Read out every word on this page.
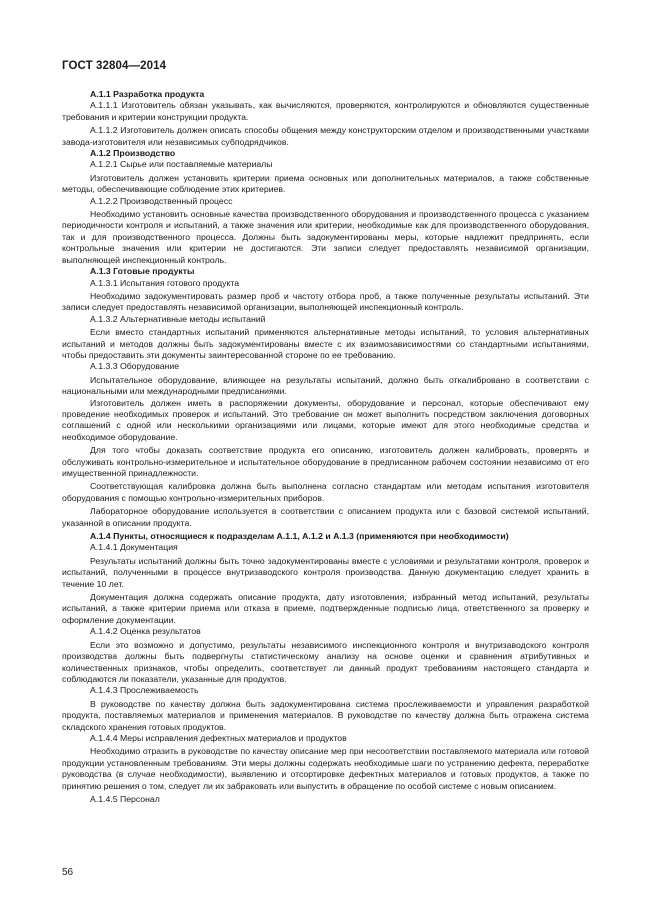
ГОСТ 32804—2014

А.1.1 Разработка продукта

А.1.1.1 Изготовитель обязан указывать, как вычисляются, проверяются, контролируются и обновляются существенные требования и критерии конструкции продукта.

А.1.1.2 Изготовитель должен описать способы общения между конструкторским отделом и производственными участками завода-изготовителя или независимых субподрядчиков.

А.1.2 Производство

А.1.2.1 Сырье или поставляемые материалы

Изготовитель должен установить критерии приема основных или дополнительных материалов, а также собственные методы, обеспечивающие соблюдение этих критериев.

А.1.2.2 Производственный процесс

Необходимо установить основные качества производственного оборудования и производственного процесса с указанием периодичности контроля и испытаний, а также значения или критерии, необходимые как для производственного оборудования, так и для производственного процесса. Должны быть задокументированы меры, которые надлежит предпринять, если контрольные значения или критерии не достигаются. Эти записи следует предоставлять независимой организации, выполняющей инспекционный контроль.

А.1.3 Готовые продукты

А.1.3.1 Испытания готового продукта

Необходимо задокументировать размер проб и частоту отбора проб, а также полученные результаты испытаний. Эти записи следует предоставлять независимой организации, выполняющей инспекционный контроль.

А.1.3.2 Альтернативные методы испытаний

Если вместо стандартных испытаний применяются альтернативные методы испытаний, то условия альтернативных испытаний и методов должны быть задокументированы вместе с их взаимозависимостями со стандартными испытаниями, чтобы предоставить эти документы заинтересованной стороне по ее требованию.

А.1.3.3 Оборудование

Испытательное оборудование, влияющее на результаты испытаний, должно быть откалибровано в соответствии с национальными или международными предписаниями.

Изготовитель должен иметь в распоряжении документы, оборудование и персонал, которые обеспечивают ему проведение необходимых проверок и испытаний. Это требование он может выполнить посредством заключения договорных соглашений с одной или несколькими организациями или лицами, которые имеют для этого необходимые средства и необходимое оборудование.

Для того чтобы доказать соответствие продукта его описанию, изготовитель должен калибровать, проверять и обслуживать контрольно-измерительное и испытательное оборудование в предписанном рабочем состоянии независимо от его имущественной принадлежности.

Соответствующая калибровка должна быть выполнена согласно стандартам или методам испытания изготовителя оборудования с помощью контрольно-измерительных приборов.

Лабораторное оборудование используется в соответствии с описанием продукта или с базовой системой испытаний, указанной в описании продукта.

А.1.4 Пункты, относящиеся к подразделам А.1.1, А.1.2 и А.1.3 (применяются при необходимости)

А.1.4.1 Документация

Результаты испытаний должны быть точно задокументированы вместе с условиями и результатами контроля, проверок и испытаний, полученными в процессе внутризаводского контроля производства. Данную документацию следует хранить в течение 10 лет.

Документация должна содержать описание продукта, дату изготовления, избранный метод испытаний, результаты испытаний, а также критерии приема или отказа в приеме, подтвержденные подписью лица, ответственного за проверку и оформление документации.

А.1.4.2 Оценка результатов

Если это возможно и допустимо, результаты независимого инспекционного контроля и внутризаводского контроля производства должны быть подвергнуты статистическому анализу на основе оценки и сравнения атрибутивных и количественных признаков, чтобы определить, соответствует ли данный продукт требованиям настоящего стандарта и соблюдаются ли показатели, указанные для продуктов.

А.1.4.3 Прослеживаемость

В руководстве по качеству должна быть задокументирована система прослеживаемости и управления разработкой продукта, поставляемых материалов и применения материалов. В руководстве по качеству должна быть отражена система складского хранения готовых продуктов.

А.1.4.4 Меры исправления дефектных материалов и продуктов

Необходимо отразить в руководстве по качеству описание мер при несоответствии поставляемого материала или готовой продукции установленным требованиям. Эти меры должны содержать необходимые шаги по устранению дефекта, переработке руководства (в случае необходимости), выявлению и отсортировке дефектных материалов и готовых продуктов, а также по принятию решения о том, следует ли их забраковать или выпустить в обращение по особой системе с новым описанием.

А.1.4.5 Персонал

56
